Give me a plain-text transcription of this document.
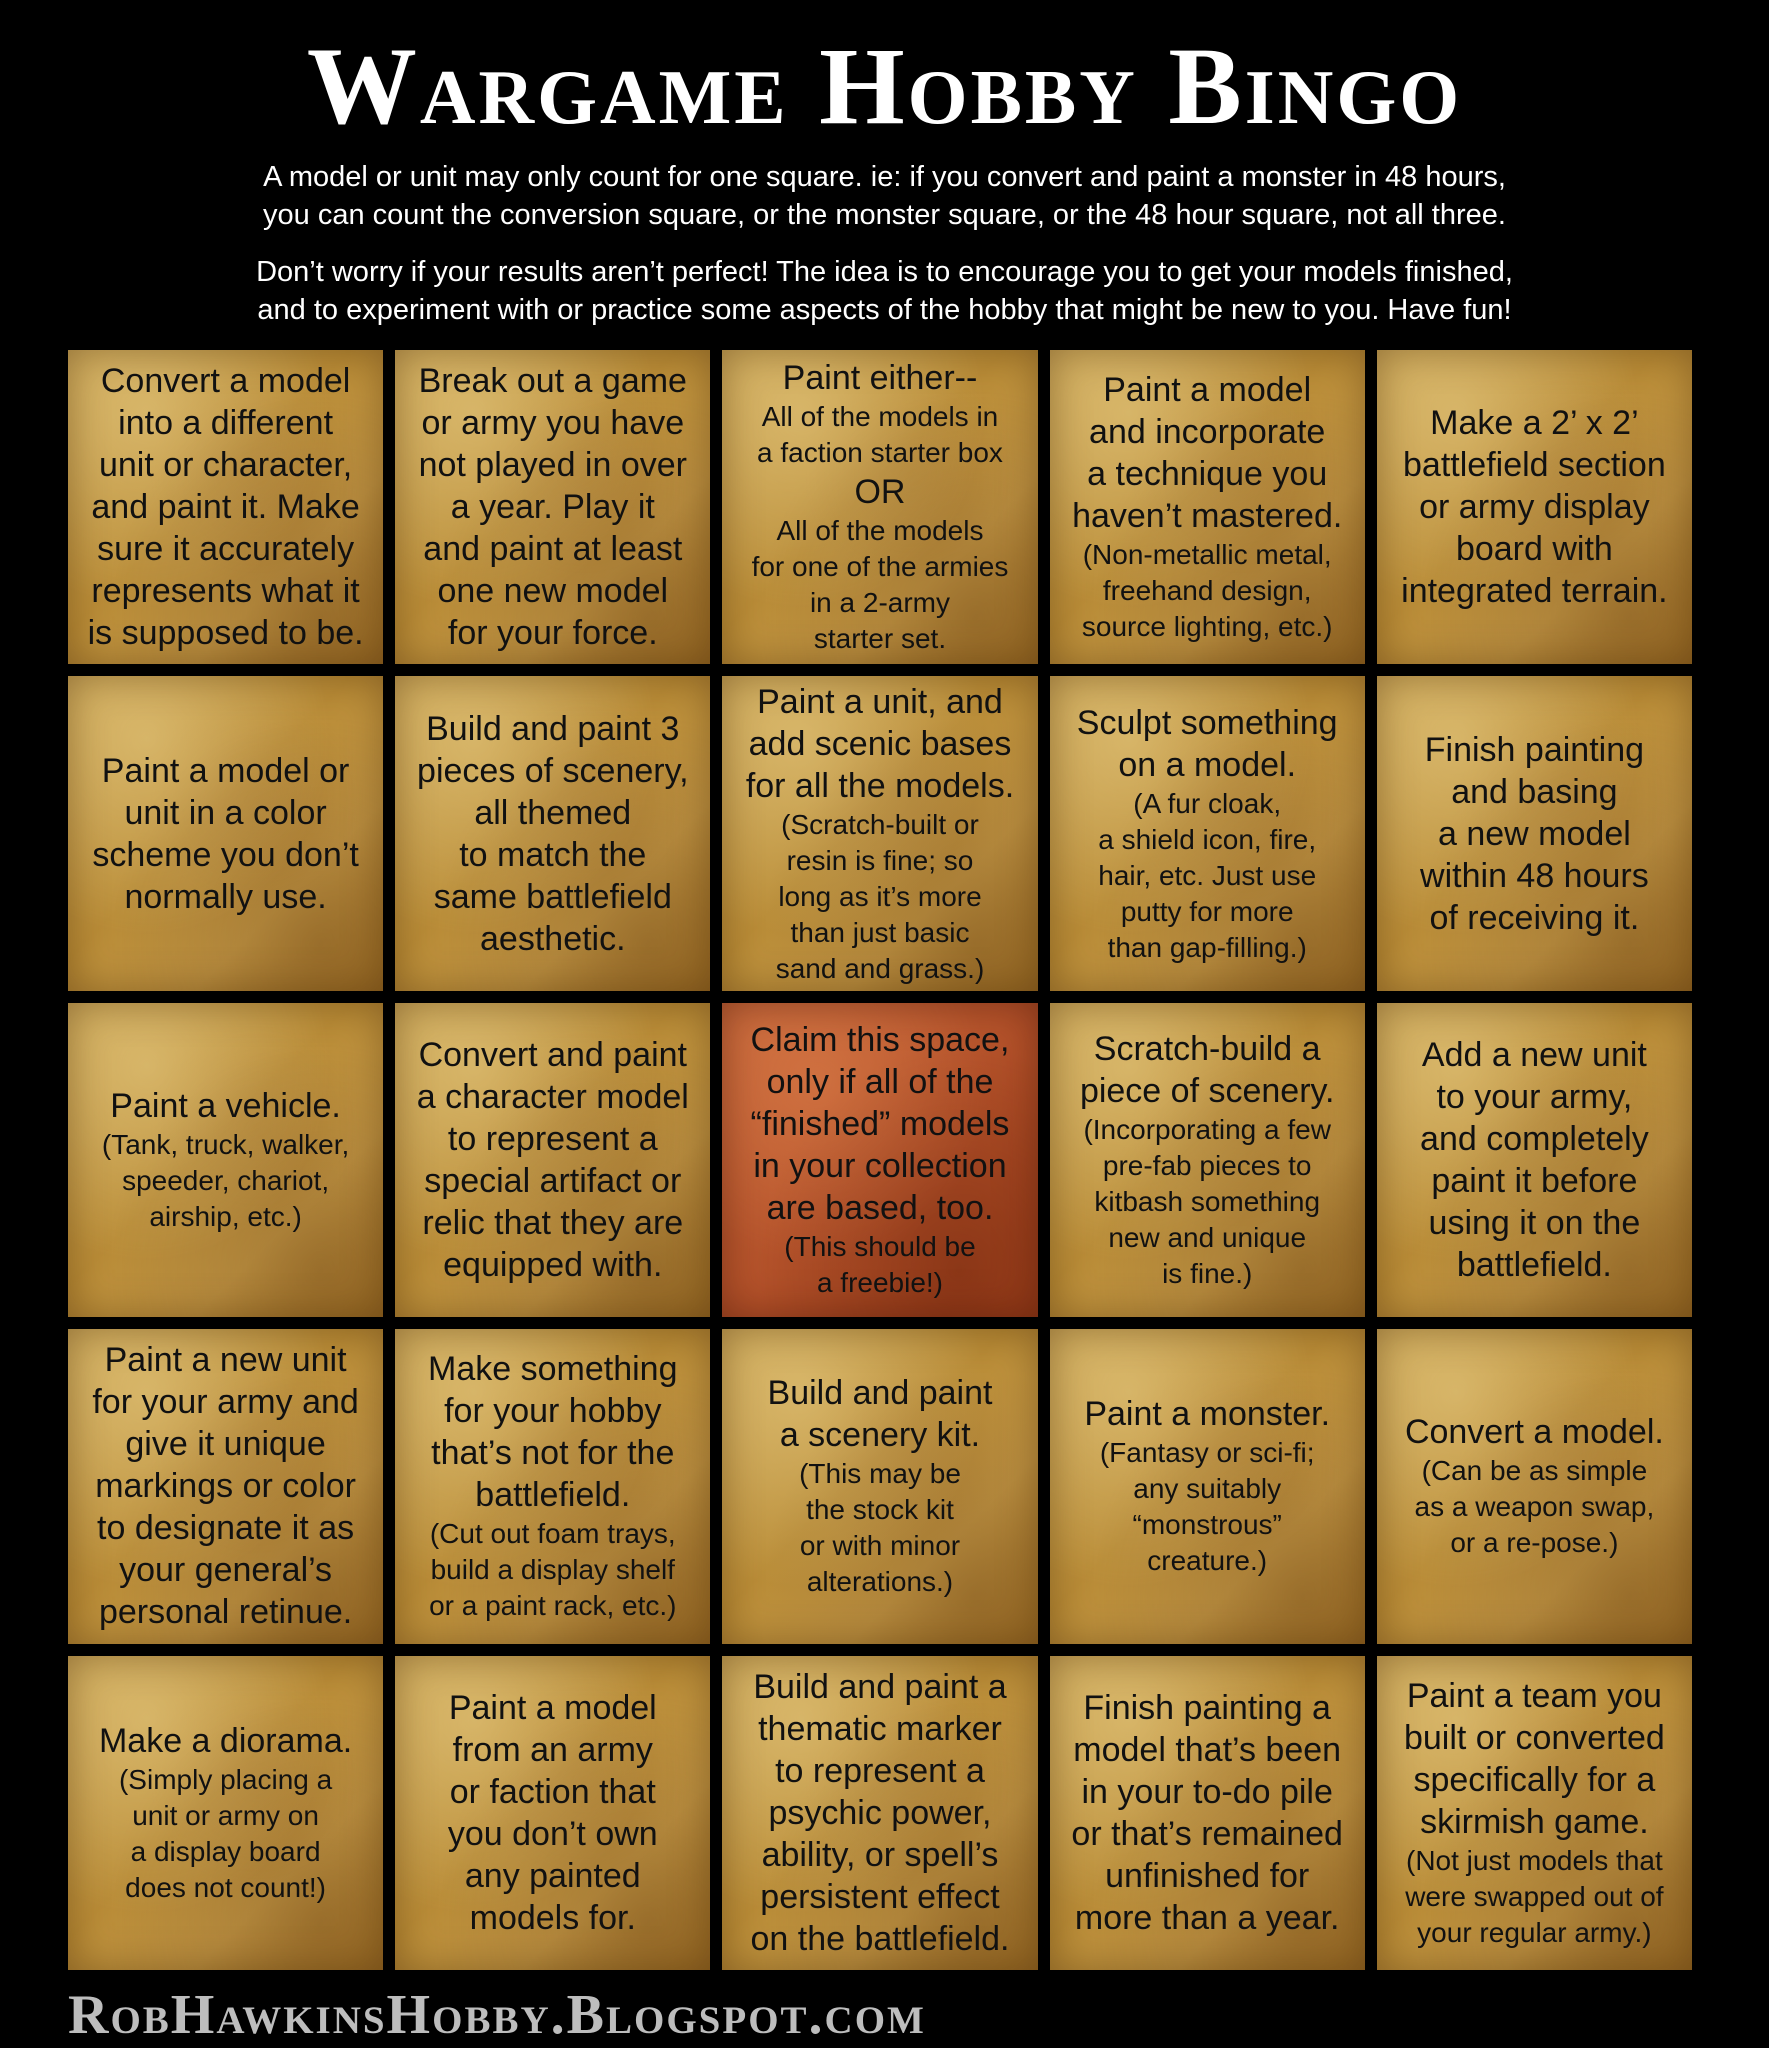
Wargame Hobby Bingo

A model or unit may only count for one square. ie: if you convert and paint a monster in 48 hours,
you can count the conversion square, or the monster square, or the 48 hour square, not all three.

Don’t worry if your results aren’t perfect! The idea is to encourage you to get your models finished,
and to experiment with or practice some aspects of the hobby that might be new to you. Have fun!

Convert a model
into a different
unit or character,
and paint it. Make
sure it accurately
represents what it
is supposed to be.
Break out a game
or army you have
not played in over
a year. Play it
and paint at least
one new model
for your force.
Paint either--
All of the models in
a faction starter box
OR
All of the models
for one of the armies
in a 2-army
starter set.
Paint a model
and incorporate
a technique you
haven’t mastered.
(Non-metallic metal,
freehand design,
source lighting, etc.)
Make a 2’ x 2’
battlefield section
or army display
board with
integrated terrain.
Paint a model or
unit in a color
scheme you don’t
normally use.
Build and paint 3
pieces of scenery,
all themed
to match the
same battlefield
aesthetic.
Paint a unit, and
add scenic bases
for all the models.
(Scratch-built or
resin is fine; so
long as it’s more
than just basic
sand and grass.)
Sculpt something
on a model.
(A fur cloak,
a shield icon, fire,
hair, etc. Just use
putty for more
than gap-filling.)
Finish painting
and basing
a new model
within 48 hours
of receiving it.
Paint a vehicle.
(Tank, truck, walker,
speeder, chariot,
airship, etc.)
Convert and paint
a character model
to represent a
special artifact or
relic that they are
equipped with.
Claim this space,
only if all of the
“finished” models
in your collection
are based, too.
(This should be
a freebie!)
Scratch-build a
piece of scenery.
(Incorporating a few
pre-fab pieces to
kitbash something
new and unique
is fine.)
Add a new unit
to your army,
and completely
paint it before
using it on the
battlefield.
Paint a new unit
for your army and
give it unique
markings or color
to designate it as
your general’s
personal retinue.
Make something
for your hobby
that’s not for the
battlefield.
(Cut out foam trays,
build a display shelf
or a paint rack, etc.)
Build and paint
a scenery kit.
(This may be
the stock kit
or with minor
alterations.)
Paint a monster.
(Fantasy or sci-fi;
any suitably
“monstrous”
creature.)
Convert a model.
(Can be as simple
as a weapon swap,
or a re-pose.)
Make a diorama.
(Simply placing a
unit or army on
a display board
does not count!)
Paint a model
from an army
or faction that
you don’t own
any painted
models for.
Build and paint a
thematic marker
to represent a
psychic power,
ability, or spell’s
persistent effect
on the battlefield.
Finish painting a
model that’s been
in your to-do pile
or that’s remained
unfinished for
more than a year.
Paint a team you
built or converted
specifically for a
skirmish game.
(Not just models that
were swapped out of
your regular army.)
RobHawkinsHobby.Blogspot.com
